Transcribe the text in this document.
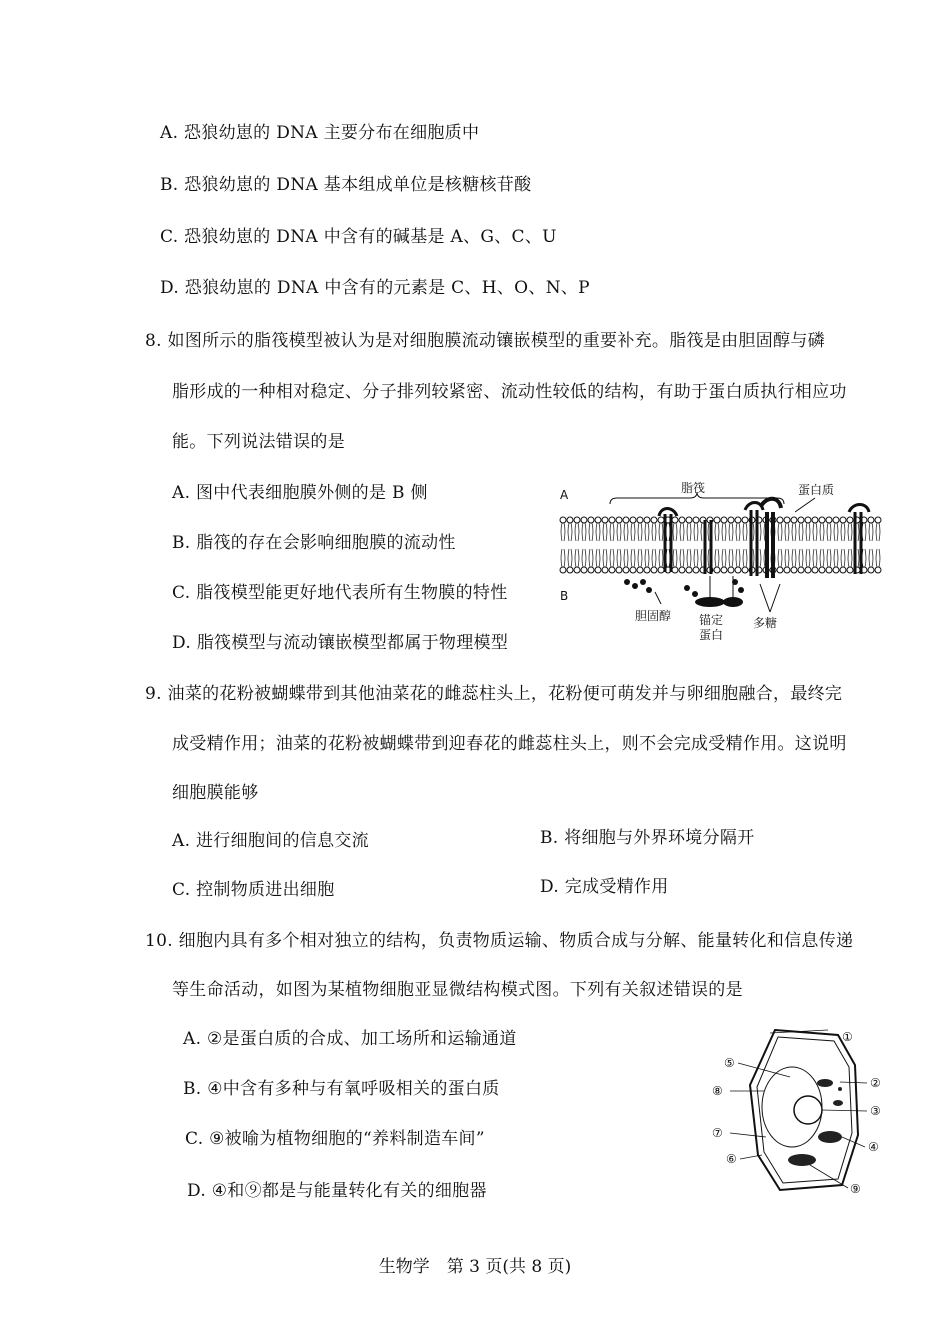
A. 恐狼幼崽的 DNA 主要分布在细胞质中
B. 恐狼幼崽的 DNA 基本组成单位是核糖核苷酸
C. 恐狼幼崽的 DNA 中含有的碱基是 A、G、C、U
D. 恐狼幼崽的 DNA 中含有的元素是 C、H、O、N、P
8. 如图所示的脂筏模型被认为是对细胞膜流动镶嵌模型的重要补充。脂筏是由胆固醇与磷
脂形成的一种相对稳定、分子排列较紧密、流动性较低的结构，有助于蛋白质执行相应功
能。下列说法错误的是
A. 图中代表细胞膜外侧的是 B 侧
B. 脂筏的存在会影响细胞膜的流动性
C. 脂筏模型能更好地代表所有生物膜的特性
D. 脂筏模型与流动镶嵌模型都属于物理模型
A
B
脂筏	蛋白质
胆固醇 锚定
蛋白
多糖
9. 油菜的花粉被蝴蝶带到其他油菜花的雌蕊柱头上，花粉便可萌发并与卵细胞融合，最终完
成受精作用；油菜的花粉被蝴蝶带到迎春花的雌蕊柱头上，则不会完成受精作用。这说明
细胞膜能够
A. 进行细胞间的信息交流	B. 将细胞与外界环境分隔开
C. 控制物质进出细胞	D. 完成受精作用
10. 细胞内具有多个相对独立的结构，负责物质运输、物质合成与分解、能量转化和信息传递
等生命活动，如图为某植物细胞亚显微结构模式图。下列有关叙述错误的是
A. ②是蛋白质的合成、加工场所和运输通道
B. ④中含有多种与有氧呼吸相关的蛋白质
C. ⑨被喻为植物细胞的“养料制造车间”
D. ④和⑨都是与能量转化有关的细胞器
①
②
③
④
⑤
⑥
⑦
⑧
⑨
生物学　第 3 页(共 8 页)
